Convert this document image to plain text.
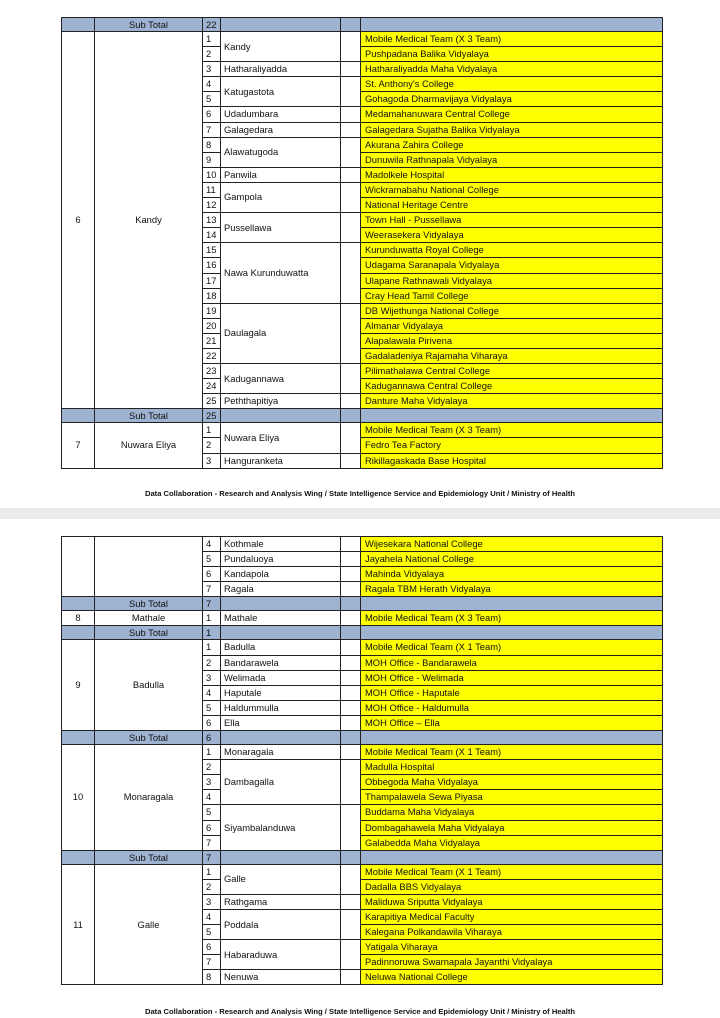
	Sub Total	22			
6	Kandy	1	Kandy		Mobile Medical Team (X 3 Team)
		2			Pushpadana Balika Vidyalaya
		3	Hatharaliyadda		Hatharaliyadda Maha Vidyalaya
		4	Katugastota		St. Anthony's College
		5			Gohagoda Dharmavijaya Vidyalaya
		6	Udadumbara		Medamahanuwara Central College
		7	Galagedara		Galagedara Sujatha Balika Vidyalaya
		8	Alawatugoda		Akurana Zahira College
		9			Dunuwila Rathnapala Vidyalaya
		10	Panwila		Madolkele Hospital
		11	Gampola		Wickramabahu National College
		12			National Heritage Centre
		13	Pussellawa		Town Hall - Pussellawa
		14			Weerasekera Vidyalaya
		15	Nawa Kurunduwatta		Kurunduwatta Royal College
		16			Udagama Saranapala Vidyalaya
		17			Ulapane Rathnawali Vidyalaya
		18			Cray Head Tamil College
		19	Daulagala		DB Wijethunga National College
		20			Almanar Vidyalaya
		21			Alapalawala Pirivena
		22			Gadaladeniya Rajamaha Viharaya
		23	Kadugannawa		Pilimathalawa Central College
		24			Kadugannawa Central College
		25	Peththapitiya		Danture Maha Vidyalaya
	Sub Total	25			
7	Nuwara Eliya	1	Nuwara Eliya		Mobile Medical Team (X 3 Team)
		2			Fedro Tea Factory
		3	Hanguranketa		Rikillagaskada Base Hospital
Data Collaboration - Research and Analysis Wing / State Intelligence Service and Epidemiology Unit / Ministry of Health
		4	Kothmale		Wijesekara National College
		5	Pundaluoya		Jayahela National College
		6	Kandapola		Mahinda Vidyalaya
		7	Ragala		Ragala TBM Herath Vidyalaya
	Sub Total	7			
8	Mathale	1	Mathale		Mobile Medical Team (X 3 Team)
	Sub Total	1			
9	Badulla	1	Badulla		Mobile Medical Team (X 1 Team)
		2	Bandarawela		MOH Office - Bandarawela
		3	Welimada		MOH Office - Welimada
		4	Haputale		MOH Office - Haputale
		5	Haldummulla		MOH Office - Haldumulla
		6	Ella		MOH Office – Ella
	Sub Total	6			
10	Monaragala	1	Monaragala		Mobile Medical Team (X 1 Team)
		2	Dambagalla		Madulla Hospital
		3			Obbegoda Maha Vidyalaya
		4			Thampalawela Sewa Piyasa
		5	Siyambalanduwa		Buddama Maha Vidyalaya
		6			Dombagahawela Maha Vidyalaya
		7			Galabedda Maha Vidyalaya
	Sub Total	7			
11	Galle	1	Galle		Mobile Medical Team (X 1 Team)
		2			Dadalla BBS Vidyalaya
		3	Rathgama		Maliduwa Sriputta Vidyalaya
		4	Poddala		Karapitiya Medical Faculty
		5			Kalegana Polkandawila Viharaya
		6	Habaraduwa		Yatigala Viharaya
		7			Padinnoruwa Swarnapala Jayanthi Vidyalaya
		8	Nenuwa		Neluwa National College
Data Collaboration - Research and Analysis Wing / State Intelligence Service and Epidemiology Unit / Ministry of Health
